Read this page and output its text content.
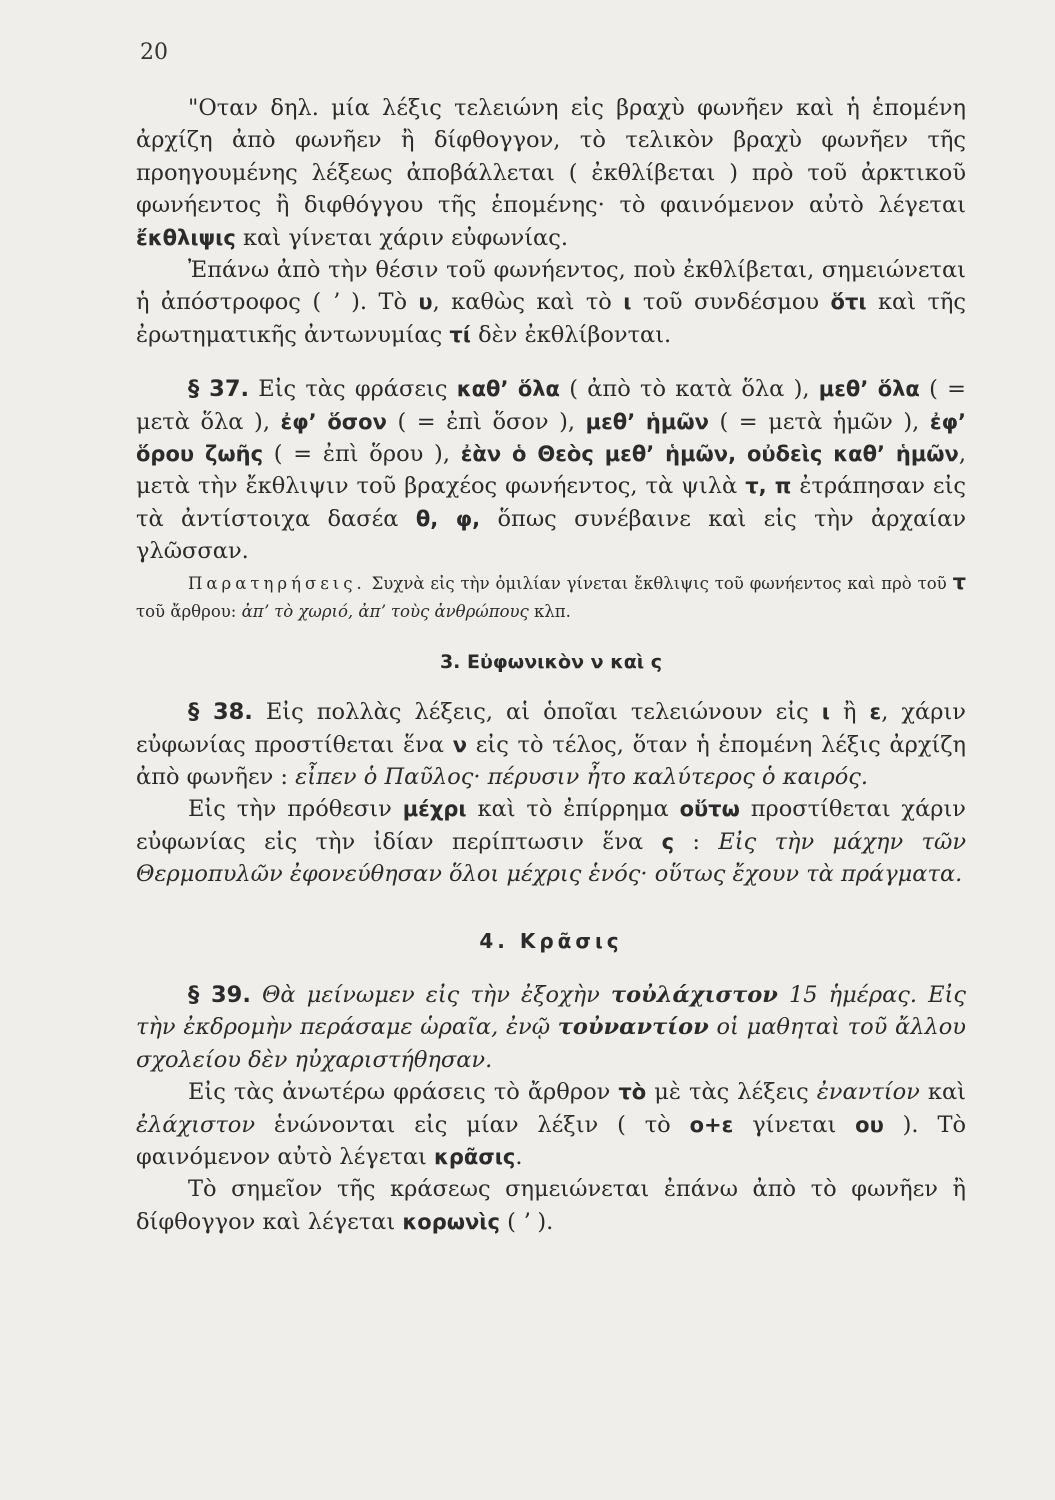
20

"Οταν δηλ. μία λέξις τελειώνη εἰς βραχὺ φωνῆεν καὶ ἡ ἑπομένη ἀρχίζη ἀπὸ φωνῆεν ἢ δίφθογγον, τὸ τελικὸν βραχὺ φωνῆεν τῆς προηγουμένης λέξεως ἀποβάλλεται ( ἐκθλίβεται ) πρὸ τοῦ ἀρκτικοῦ φωνήεντος ἢ διφθόγγου τῆς ἑπομένης· τὸ φαινόμενον αὐτὸ λέγεται ἔκθλιψις καὶ γίνεται χάριν εὐφωνίας.

Ἐπάνω ἀπὸ τὴν θέσιν τοῦ φωνήεντος, ποὺ ἐκθλίβεται, σημειώνεται ἡ ἀπόστροφος ( ʼ ). Τὸ υ, καθὼς καὶ τὸ ι τοῦ συνδέσμου ὅτι καὶ τῆς ἐρωτηματικῆς ἀντωνυμίας τί δὲν ἐκθλίβονται.

§ 37. Εἰς τὰς φράσεις καθʼ ὅλα ( ἀπὸ τὸ κατὰ ὅλα ), μεθʼ ὅλα ( = μετὰ ὅλα ), ἐφʼ ὅσον ( = ἐπὶ ὅσον ), μεθʼ ἡμῶν ( = μετὰ ἡμῶν ), ἐφʼ ὅρου ζωῆς ( = ἐπὶ ὅρου ), ἐὰν ὁ Θεὸς μεθʼ ἡμῶν, οὐδεὶς καθʼ ἡμῶν, μετὰ τὴν ἔκθλιψιν τοῦ βραχέος φωνήεντος, τὰ ψιλὰ τ, π ἐτράπησαν εἰς τὰ ἀντίστοιχα δασέα θ, φ, ὅπως συνέβαινε καὶ εἰς τὴν ἀρχαίαν γλῶσσαν.

Παρατηρήσεις. Συχνὰ εἰς τὴν ὁμιλίαν γίνεται ἔκθλιψις τοῦ φωνήεντος καὶ πρὸ τοῦ τ τοῦ ἄρθρου: ἀπʼ τὸ χωριό, ἀπʼ τοὺς ἀνθρώπους κλπ.

3. Εὐφωνικὸν ν καὶ ς

§ 38. Εἰς πολλὰς λέξεις, αἱ ὁποῖαι τελειώνουν εἰς ι ἢ ε, χάριν εὐφωνίας προστίθεται ἕνα ν εἰς τὸ τέλος, ὅταν ἡ ἑπομένη λέξις ἀρχίζη ἀπὸ φωνῆεν : εἶπεν ὁ Παῦλος· πέρυσιν ἦτο καλύτερος ὁ καιρός.

Εἰς τὴν πρόθεσιν μέχρι καὶ τὸ ἐπίρρημα οὕτω προστίθεται χάριν εὐφωνίας εἰς τὴν ἰδίαν περίπτωσιν ἕνα ς : Εἰς τὴν μάχην τῶν Θερμοπυλῶν ἐφονεύθησαν ὅλοι μέχρις ἑνός· οὕτως ἔχουν τὰ πράγματα.

4. Κρᾶσις

§ 39. Θὰ μείνωμεν εἰς τὴν ἐξοχὴν τοὐλάχιστον 15 ἡμέρας. Εἰς τὴν ἐκδρομὴν περάσαμε ὡραῖα, ἐνῷ τοὐναντίον οἱ μαθηταὶ τοῦ ἄλλου σχολείου δὲν ηὐχαριστήθησαν.

Εἰς τὰς ἀνωτέρω φράσεις τὸ ἄρθρον τὸ μὲ τὰς λέξεις ἐναντίον καὶ ἐλάχιστον ἑνώνονται εἰς μίαν λέξιν ( τὸ ο+ε γίνεται ου ). Τὸ φαινόμενον αὐτὸ λέγεται κρᾶσις.

Τὸ σημεῖον τῆς κράσεως σημειώνεται ἐπάνω ἀπὸ τὸ φωνῆεν ἢ δίφθογγον καὶ λέγεται κορωνὶς ( ʼ ).
